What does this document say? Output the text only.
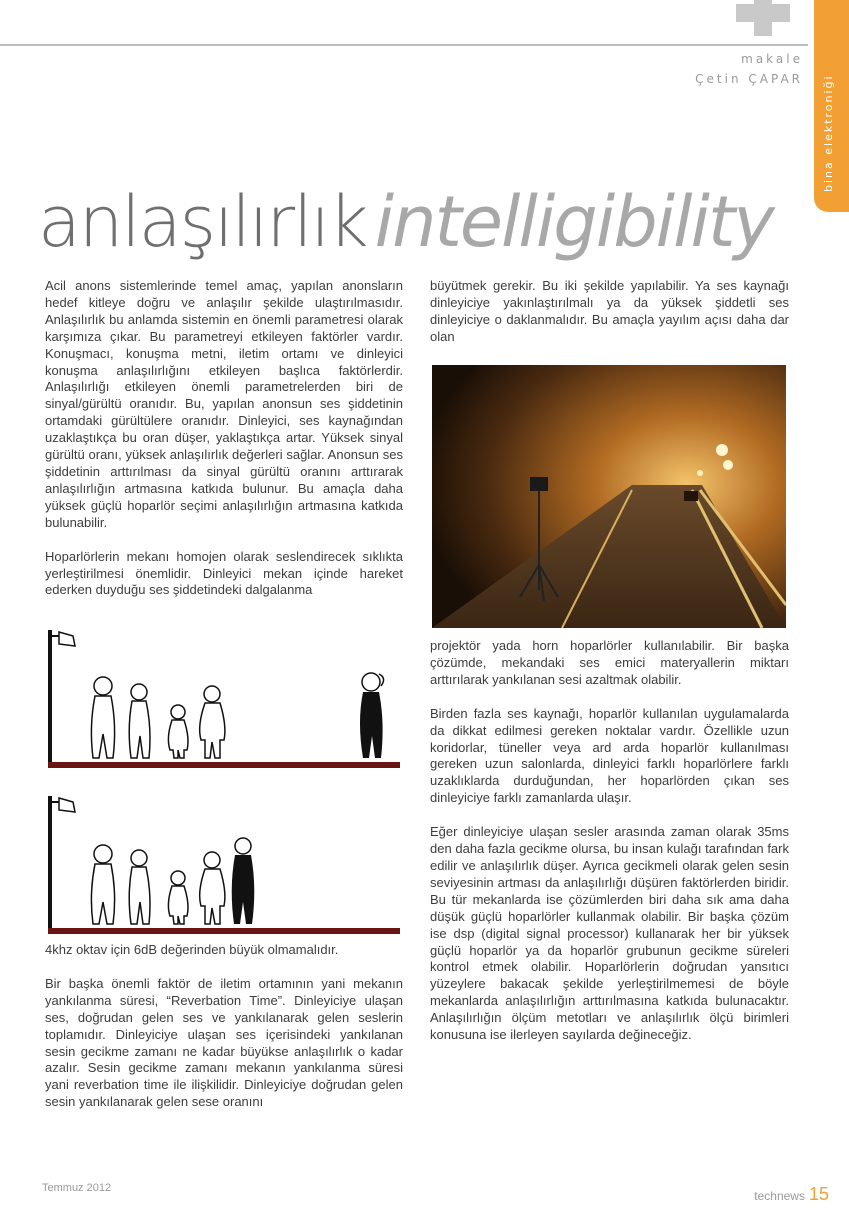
bina elektroniği
makale
Çetin ÇAPAR
anlaşılırlık intelligibility

Acil anons sistemlerinde temel amaç, yapılan anonsların hedef kitleye doğru ve anlaşılır şekilde ulaştırılmasıdır. Anlaşılırlık bu anlamda sistemin en önemli parametresi olarak karşımıza çıkar. Bu parametreyi etkileyen faktörler vardır. Konuşmacı, konuşma metni, iletim ortamı ve dinleyici konuşma anlaşılırlığını etkileyen başlıca faktörlerdir. Anlaşılırlığı etkileyen önemli parametrelerden biri de sinyal/gürültü oranıdır. Bu, yapılan anonsun ses şiddetinin ortamdaki gürültülere oranıdır. Dinleyici, ses kaynağından uzaklaştıkça bu oran düşer, yaklaştıkça artar. Yüksek sinyal gürültü oranı, yüksek anlaşılırlık değerleri sağlar. Anonsun ses şiddetinin arttırılması da sinyal gürültü oranını arttırarak anlaşılırlığın artmasına katkıda bulunur. Bu amaçla daha yüksek güçlü hoparlör seçimi anlaşılırlığın artmasına katkıda bulunabilir.

Hoparlörlerin mekanı homojen olarak seslendirecek sıklıkta yerleştirilmesi önemlidir. Dinleyici mekan içinde hareket ederken duyduğu ses şiddetindeki dalgalanma

4khz oktav için 6dB değerinden büyük olmamalıdır.

Bir başka önemli faktör de iletim ortamının yani mekanın yankılanma süresi, “Reverbation Time”. Dinleyiciye ulaşan ses, doğrudan gelen ses ve yankılanarak gelen seslerin toplamıdır. Dinleyiciye ulaşan ses içerisindeki yankılanan sesin gecikme zamanı ne kadar büyükse anlaşılırlık o kadar azalır. Sesin gecikme zamanı mekanın yankılanma süresi yani reverbation time ile ilişkilidir. Dinleyiciye doğrudan gelen sesin yankılanarak gelen sese oranını

büyütmek gerekir. Bu iki şekilde yapılabilir. Ya ses kaynağı dinleyiciye yakınlaştırılmalı ya da yüksek şiddetli ses dinleyiciye o daklanmalıdır. Bu amaçla yayılım açısı daha dar olan

projektör yada horn hoparlörler kullanılabilir. Bir başka çözümde, mekandaki ses emici materyallerin miktarı arttırılarak yankılanan sesi azaltmak olabilir.

Birden fazla ses kaynağı, hoparlör kullanılan uygulamalarda da dikkat edilmesi gereken noktalar vardır. Özellikle uzun koridorlar, tüneller veya ard arda hoparlör kullanılması gereken uzun salonlarda, dinleyici farklı hoparlörlere farklı uzaklıklarda durduğundan, her hoparlörden çıkan ses dinleyiciye farklı zamanlarda ulaşır.

Eğer dinleyiciye ulaşan sesler arasında zaman olarak 35ms den daha fazla gecikme olursa, bu insan kulağı tarafından fark edilir ve anlaşılırlık düşer. Ayrıca gecikmeli olarak gelen sesin seviyesinin artması da anlaşılırlığı düşüren faktörlerden biridir. Bu tür mekanlarda ise çözümlerden biri daha sık ama daha düşük güçlü hoparlörler kullanmak olabilir. Bir başka çözüm ise dsp (digital signal processor) kullanarak her bir yüksek güçlü hoparlör ya da hoparlör grubunun gecikme süreleri kontrol etmek olabilir. Hoparlörlerin doğrudan yansıtıcı yüzeylere bakacak şekilde yerleştirilmemesi de böyle mekanlarda anlaşılırlığın arttırılmasına katkıda bulunacaktır. Anlaşılırlığın ölçüm metotları ve anlaşılırlık ölçü birimleri konusuna ise ilerleyen sayılarda değineceğiz.

Temmuz 2012
technews 15
